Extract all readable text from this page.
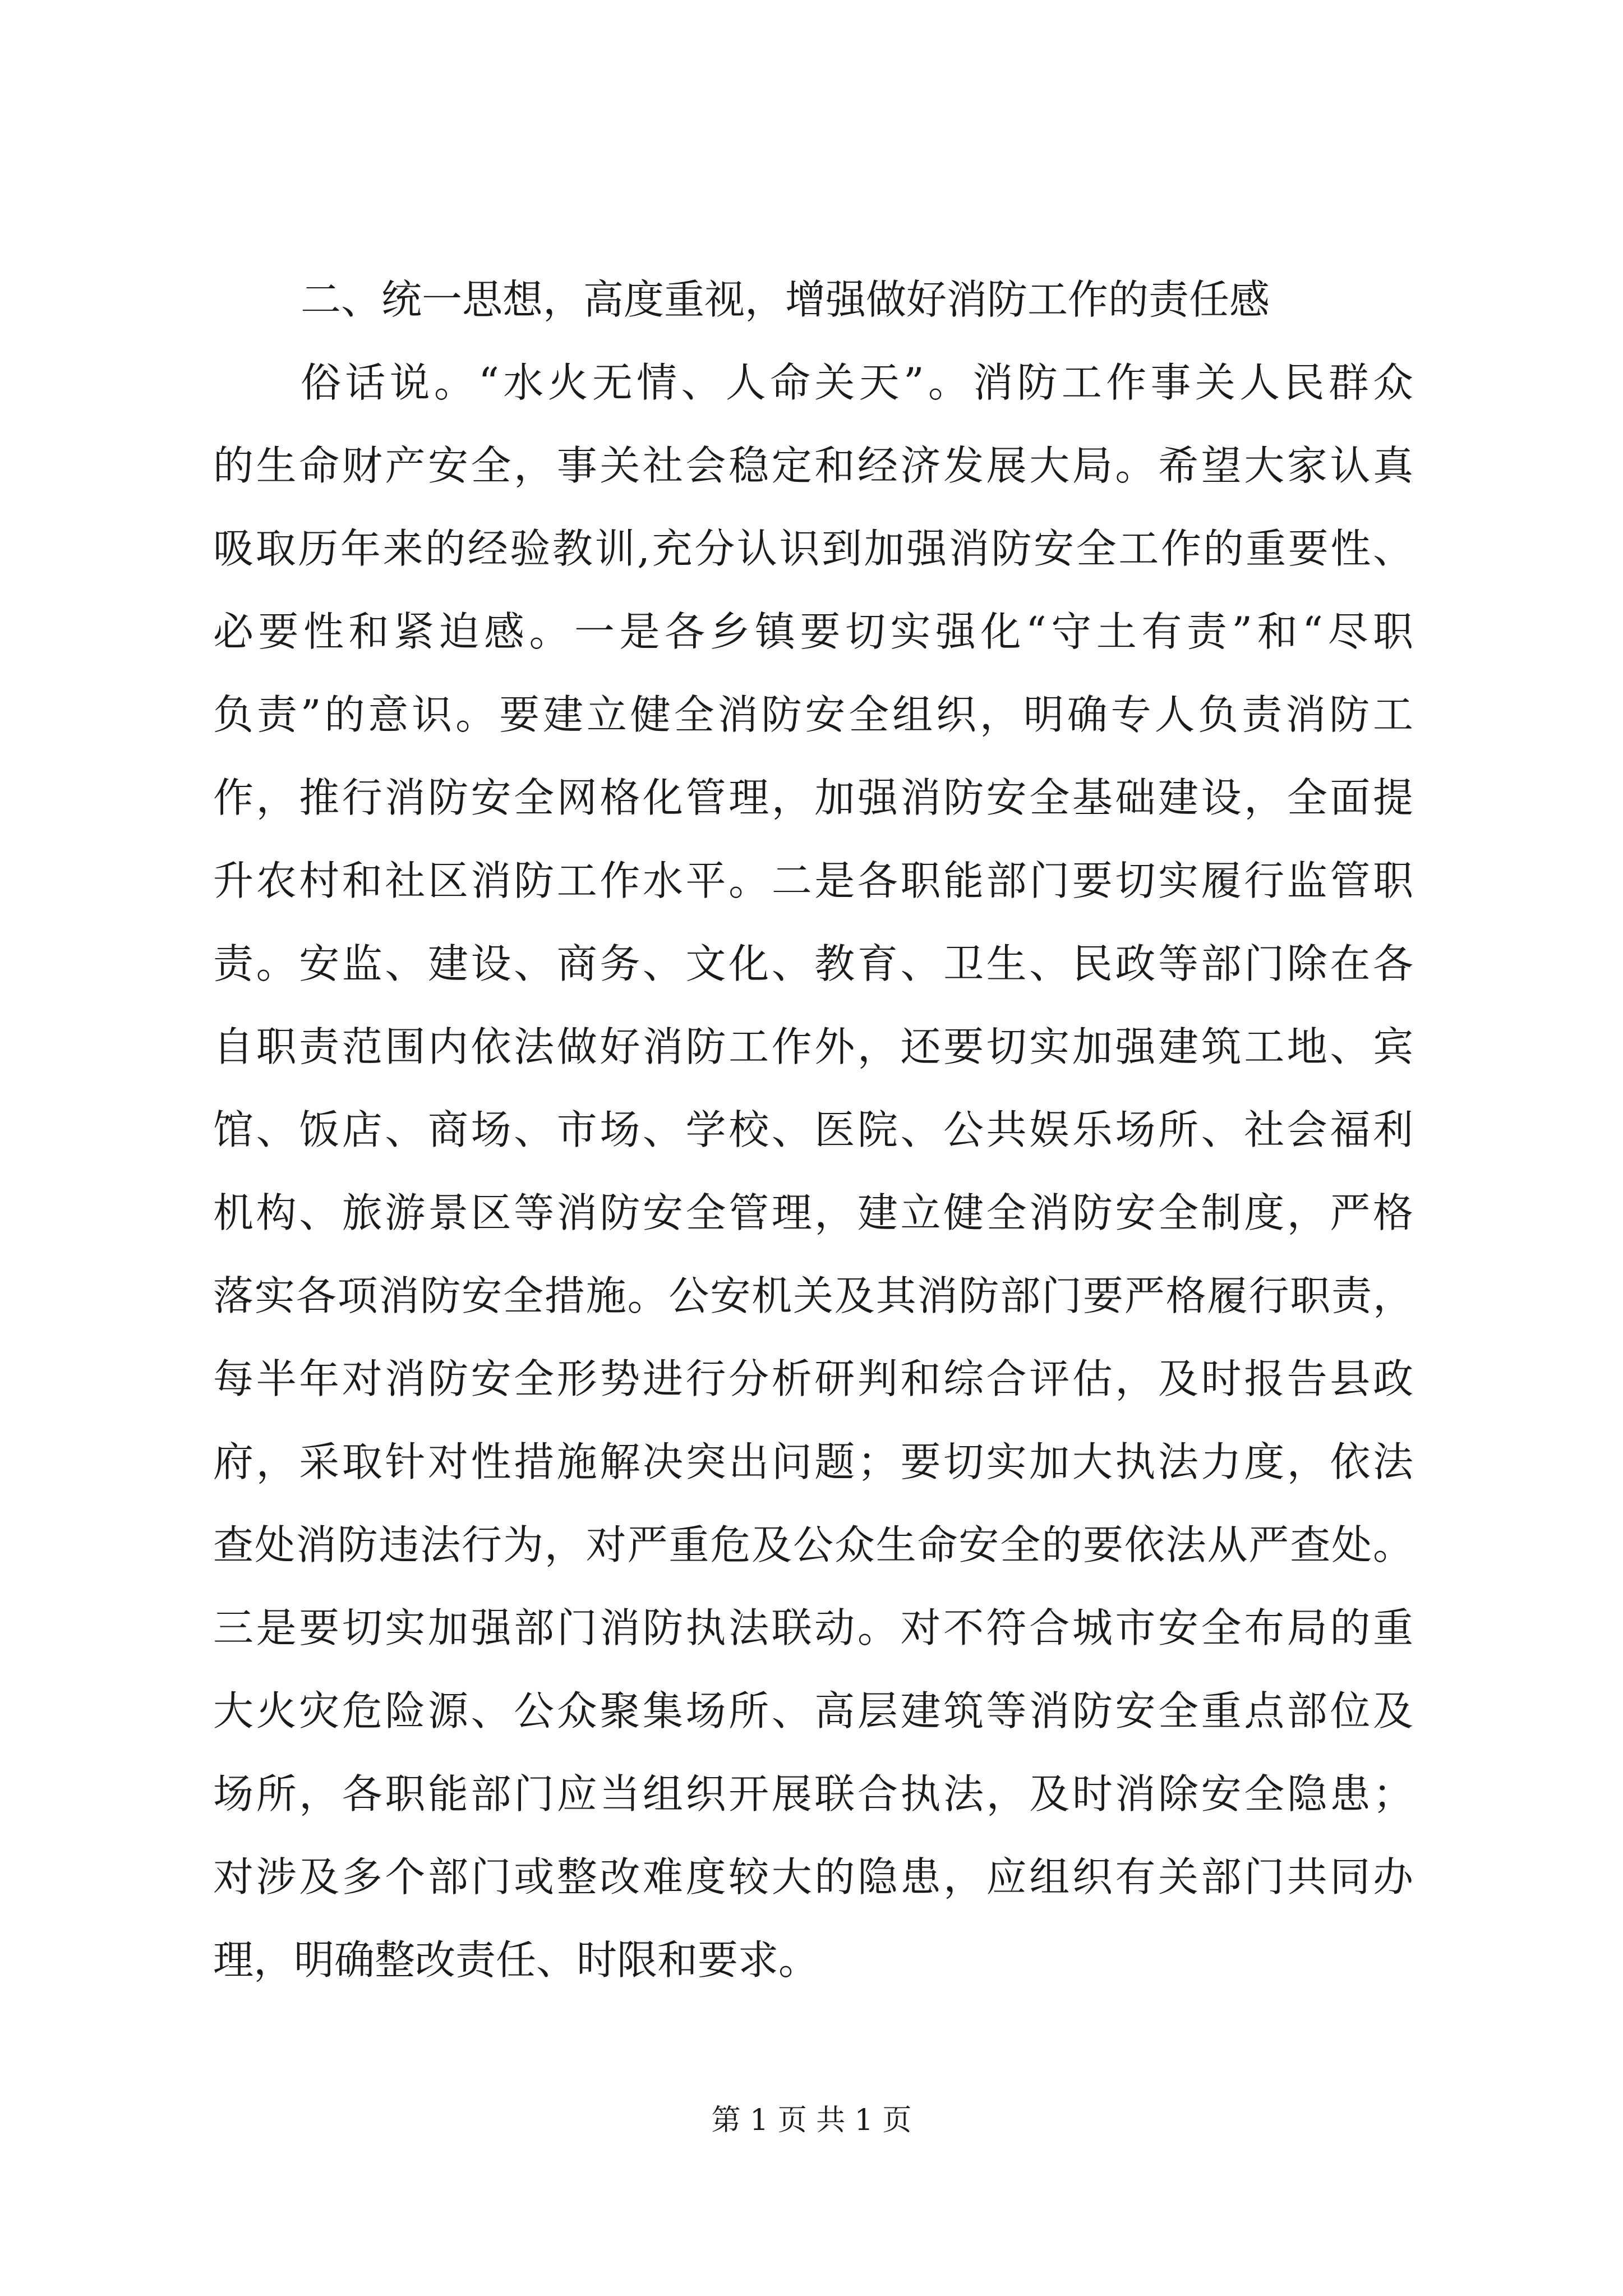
二、统一思想，高度重视，增强做好消防工作的责任感

俗话说。“水火无情、人命关天”。消防工作事关人民群众

的生命财产安全，事关社会稳定和经济发展大局。希望大家认真

吸取历年来的经验教训,充分认识到加强消防安全工作的重要性、

必要性和紧迫感。一是各乡镇要切实强化“守土有责”和“尽职

负责”的意识。要建立健全消防安全组织，明确专人负责消防工

作，推行消防安全网格化管理，加强消防安全基础建设，全面提

升农村和社区消防工作水平。二是各职能部门要切实履行监管职

责。安监、建设、商务、文化、教育、卫生、民政等部门除在各

自职责范围内依法做好消防工作外，还要切实加强建筑工地、宾

馆、饭店、商场、市场、学校、医院、公共娱乐场所、社会福利

机构、旅游景区等消防安全管理，建立健全消防安全制度，严格

落实各项消防安全措施。公安机关及其消防部门要严格履行职责，

每半年对消防安全形势进行分析研判和综合评估，及时报告县政

府，采取针对性措施解决突出问题；要切实加大执法力度，依法

查处消防违法行为，对严重危及公众生命安全的要依法从严查处。

三是要切实加强部门消防执法联动。对不符合城市安全布局的重

大火灾危险源、公众聚集场所、高层建筑等消防安全重点部位及

场所，各职能部门应当组织开展联合执法，及时消除安全隐患；

对涉及多个部门或整改难度较大的隐患，应组织有关部门共同办

理，明确整改责任、时限和要求。

第 1 页 共 1 页
